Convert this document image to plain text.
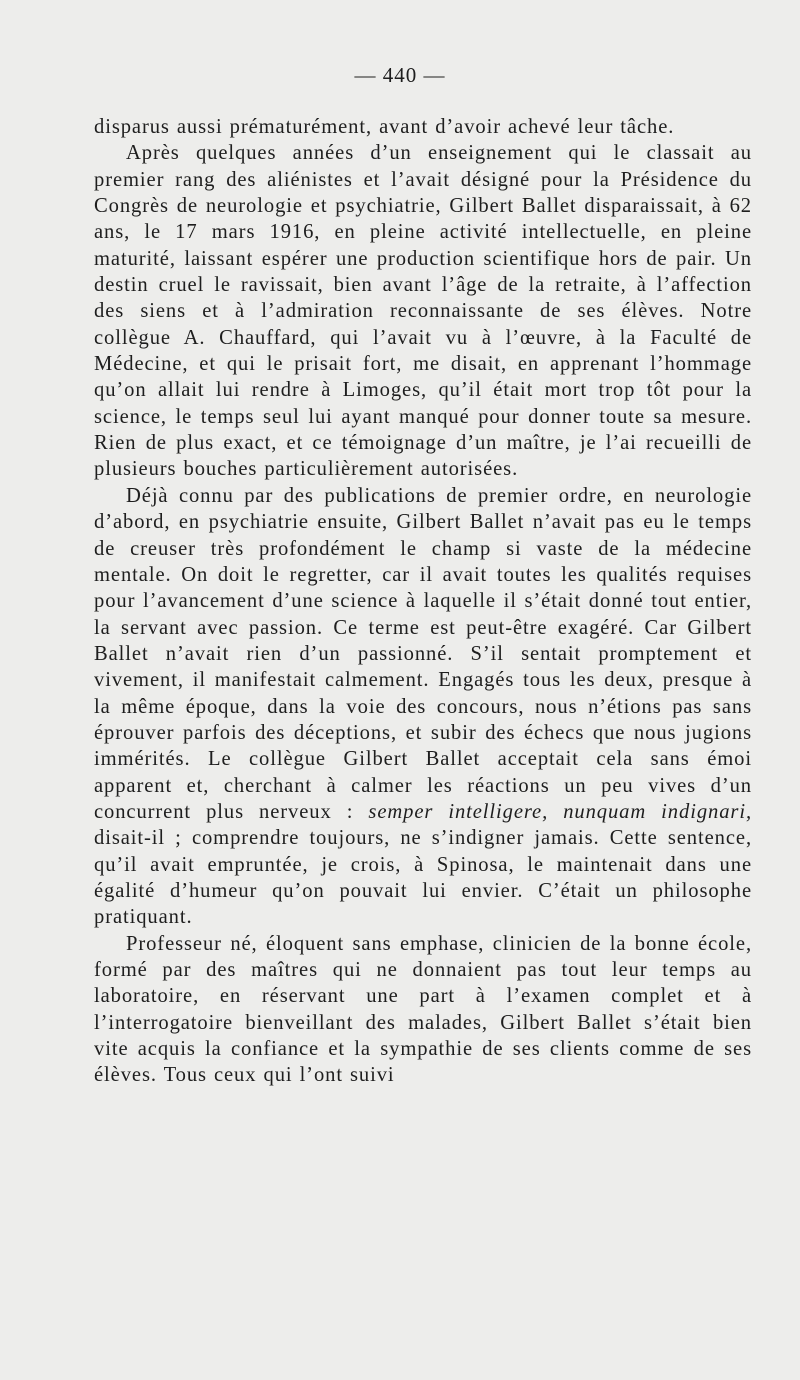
— 440 —

disparus aussi prématurément, avant d’avoir achevé leur tâche.

Après quelques années d’un enseignement qui le classait au premier rang des aliénistes et l’avait désigné pour la Présidence du Congrès de neurologie et psychiatrie, Gilbert Ballet disparaissait, à 62 ans, le 17 mars 1916, en pleine activité intellectuelle, en pleine maturité, laissant espérer une production scientifique hors de pair. Un destin cruel le ravissait, bien avant l’âge de la retraite, à l’affection des siens et à l’admiration reconnaissante de ses élèves. Notre collègue A. Chauffard, qui l’avait vu à l’œuvre, à la Faculté de Médecine, et qui le prisait fort, me disait, en apprenant l’hommage qu’on allait lui rendre à Limoges, qu’il était mort trop tôt pour la science, le temps seul lui ayant manqué pour donner toute sa mesure. Rien de plus exact, et ce témoignage d’un maître, je l’ai recueilli de plusieurs bouches particulièrement autorisées.

Déjà connu par des publications de premier ordre, en neurologie d’abord, en psychiatrie ensuite, Gilbert Ballet n’avait pas eu le temps de creuser très profondément le champ si vaste de la médecine mentale. On doit le regretter, car il avait toutes les qualités requises pour l’avancement d’une science à laquelle il s’était donné tout entier, la servant avec passion. Ce terme est peut-être exagéré. Car Gilbert Ballet n’avait rien d’un passionné. S’il sentait promptement et vivement, il manifestait calmement. Engagés tous les deux, presque à la même époque, dans la voie des concours, nous n’étions pas sans éprouver parfois des déceptions, et subir des échecs que nous jugions immérités. Le collègue Gilbert Ballet acceptait cela sans émoi apparent et, cherchant à calmer les réactions un peu vives d’un concurrent plus nerveux : semper intelligere, nunquam indignari, disait-il ; comprendre toujours, ne s’indigner jamais. Cette sentence, qu’il avait empruntée, je crois, à Spinosa, le maintenait dans une égalité d’humeur qu’on pouvait lui envier. C’était un philosophe pratiquant.

Professeur né, éloquent sans emphase, clinicien de la bonne école, formé par des maîtres qui ne donnaient pas tout leur temps au laboratoire, en réservant une part à l’examen complet et à l’interrogatoire bienveillant des malades, Gilbert Ballet s’était bien vite acquis la confiance et la sympathie de ses clients comme de ses élèves. Tous ceux qui l’ont suivi
